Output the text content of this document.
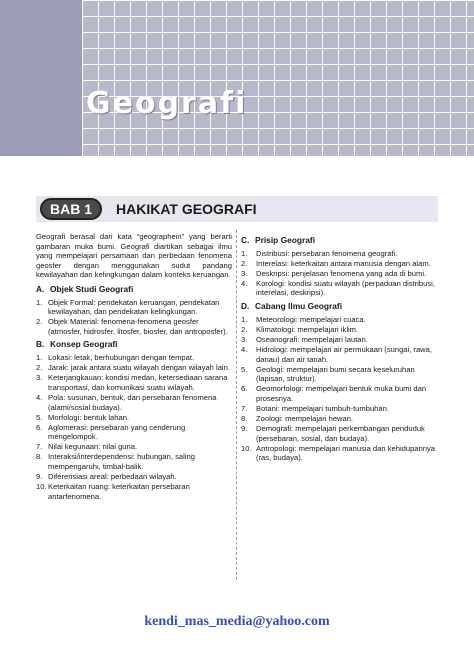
Geografi
BAB 1	HAKIKAT GEOGRAFI

Geografi berasal dari kata “geographein” yang berarti gambaran muka bumi. Geografi diartikan sebagai ilmu yang mempelajari persamaan dan perbedaan fenomena geosfer dengan menggunakan sudut pandang kewilayahan dan kelingkungan dalam konteks keruangan.

A. Objek Studi Geografi
1. Objek Formal: pendekatan keruangan, pendekatan kewilayahan, dan pendekatan kelingkungan.
2. Objek Material: fenomena-fenomena geosfer (atmosfer, hidrosfer, litosfer, biosfer, dan antroposfer).
B. Konsep Geografi
1. Lokasi: letak, berhubungan dengan tempat.
2. Jarak: jarak antara suatu wilayah dengan wilayah lain.
3. Keterjangkauan: kondisi medan, ketersediaan sarana transportasi, dan komunikasi suatu wilayah.
4. Pola: susunan, bentuk, dan persebaran fenomena (alami/sosial budaya).
5. Morfologi: bentuk lahan.
6. Aglomerasi: persebaran yang cenderung mengelompok.
7. Nilai kegunaan: nilai guna.
8. Interaksi/interdependensi: hubungan, saling mempengaruhi, timbal-balik.
9. Diferensiasi areal: perbedaan wilayah.
10. Keterkaitan ruang: keterkaitan persebaran antarfenomena.
C. Prisip Geografi
1.	Distribusi: persebaran fenomena geografi.
2.	Interelasi: keterkaitan antara manusia dengan alam.
3.	Deskripsi: penjelasan fenomena yang ada di bumi.
4.	Korologi: kondisi suatu wilayah (perpaduan distribusi, interelasi, deskripsi).
D. Cabang Ilmu Geografi
1.	Meteorologi: mempelajari cuaca.
2.	Klimatologi: mempelajari iklim.
3.	Oseanografi: mempelajari lautan.
4.	Hidrologi: mempelajari air permukaan (sungai, rawa, danau) dan air tanah.
5.	Geologi: mempelajari bumi secara keseluruhan (lapisan, struktur).
6.	Geomorfologi: mempelajari bentuk muka bumi dan prosesnya.
7.	Botani: mempelajari tumbuh-tumbuhan.
8.	Zoologi: mempelajari hewan.
9.	Demografi: mempelajari perkembangan penduduk (persebaran, sosial, dan budaya).
10. Antropologi: mempelajari manusia dan kehidupannya (ras, budaya).
kendi_mas_media@yahoo.com
